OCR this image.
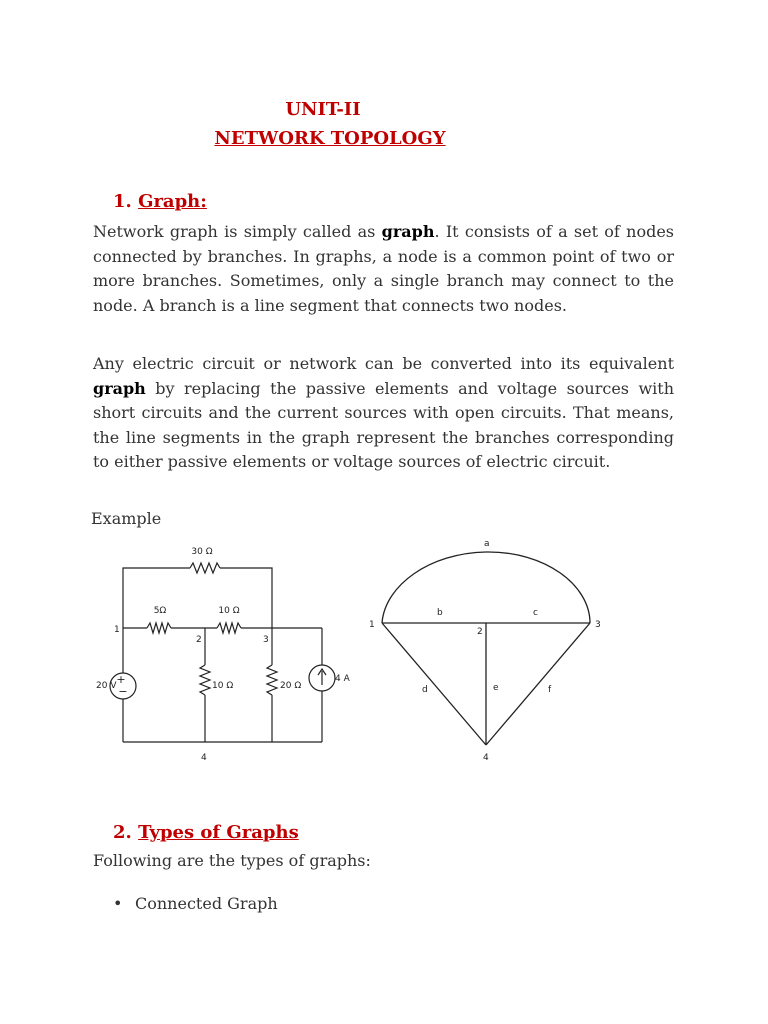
UNIT-II
NETWORK TOPOLOGY
1. Graph:
Network graph is simply called as graph. It consists of a set of nodes connected by branches. In graphs, a node is a common point of two or more branches. Sometimes, only a single branch may connect to the node. A branch is a line segment that connects two nodes.
Any electric circuit or network can be converted into its equivalent graph by replacing the passive elements and voltage sources with short circuits and the current sources with open circuits. That means, the line segments in the graph represent the branches corresponding to either passive elements or voltage sources of electric circuit.
Example
+
−
30 Ω
5Ω	10 Ω
10 Ω	20 Ω
20 V
4 A
1
2	3
4
a
b	c
d	e	f
1
2
3
4
2. Types of Graphs
Following are the types of graphs:
• Connected Graph
